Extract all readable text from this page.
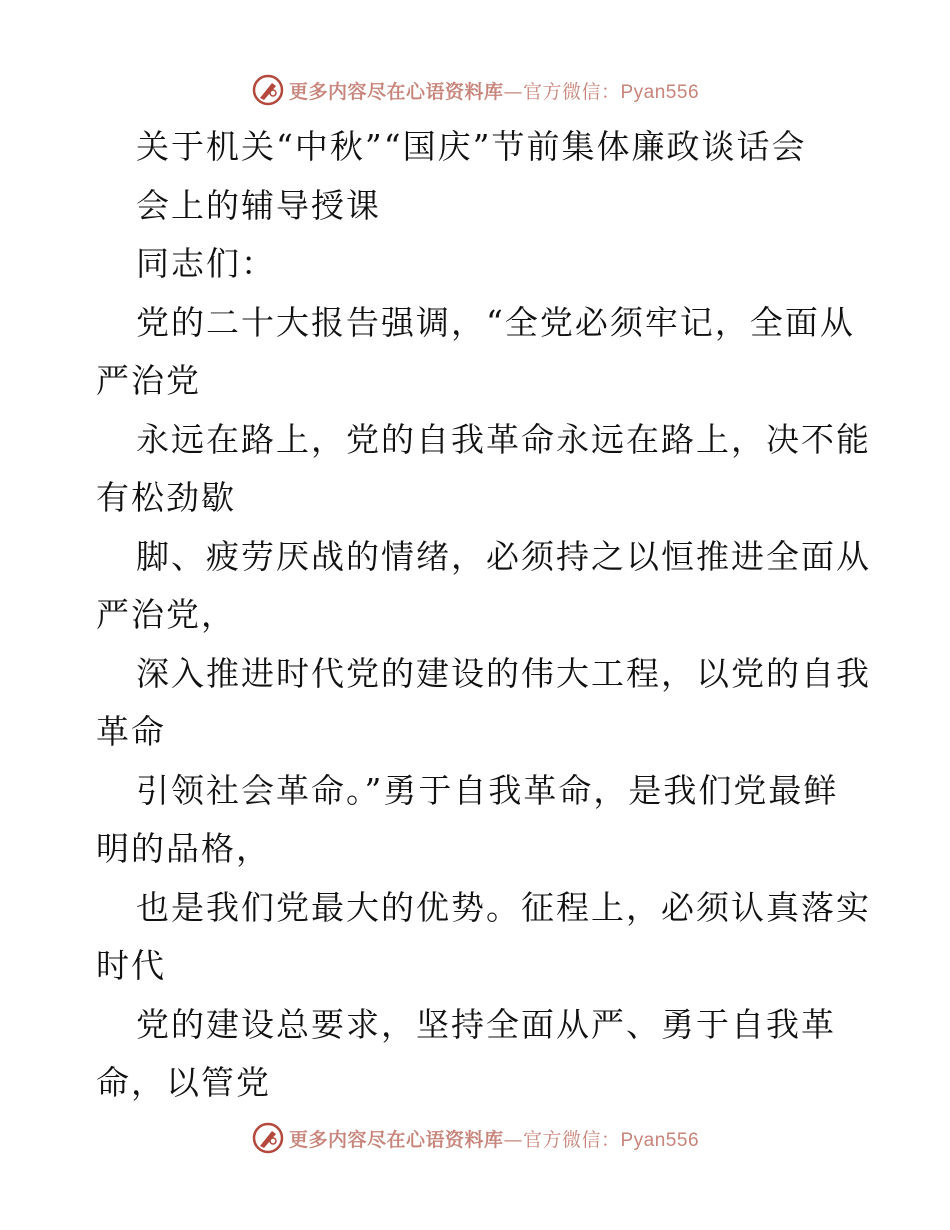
更多内容尽在心语资料库—官方微信：Pyan556
关于机关“中秋”“国庆”节前集体廉政谈话会
会上的辅导授课
同志们：
党的二十大报告强调，“全党必须牢记，全面从
严治党
永远在路上，党的自我革命永远在路上，决不能
有松劲歇
脚、疲劳厌战的情绪，必须持之以恒推进全面从
严治党，
深入推进时代党的建设的伟大工程，以党的自我
革命
引领社会革命。”勇于自我革命，是我们党最鲜
明的品格，
也是我们党最大的优势。征程上，必须认真落实
时代
党的建设总要求，坚持全面从严、勇于自我革
命，以管党
更多内容尽在心语资料库—官方微信：Pyan556
